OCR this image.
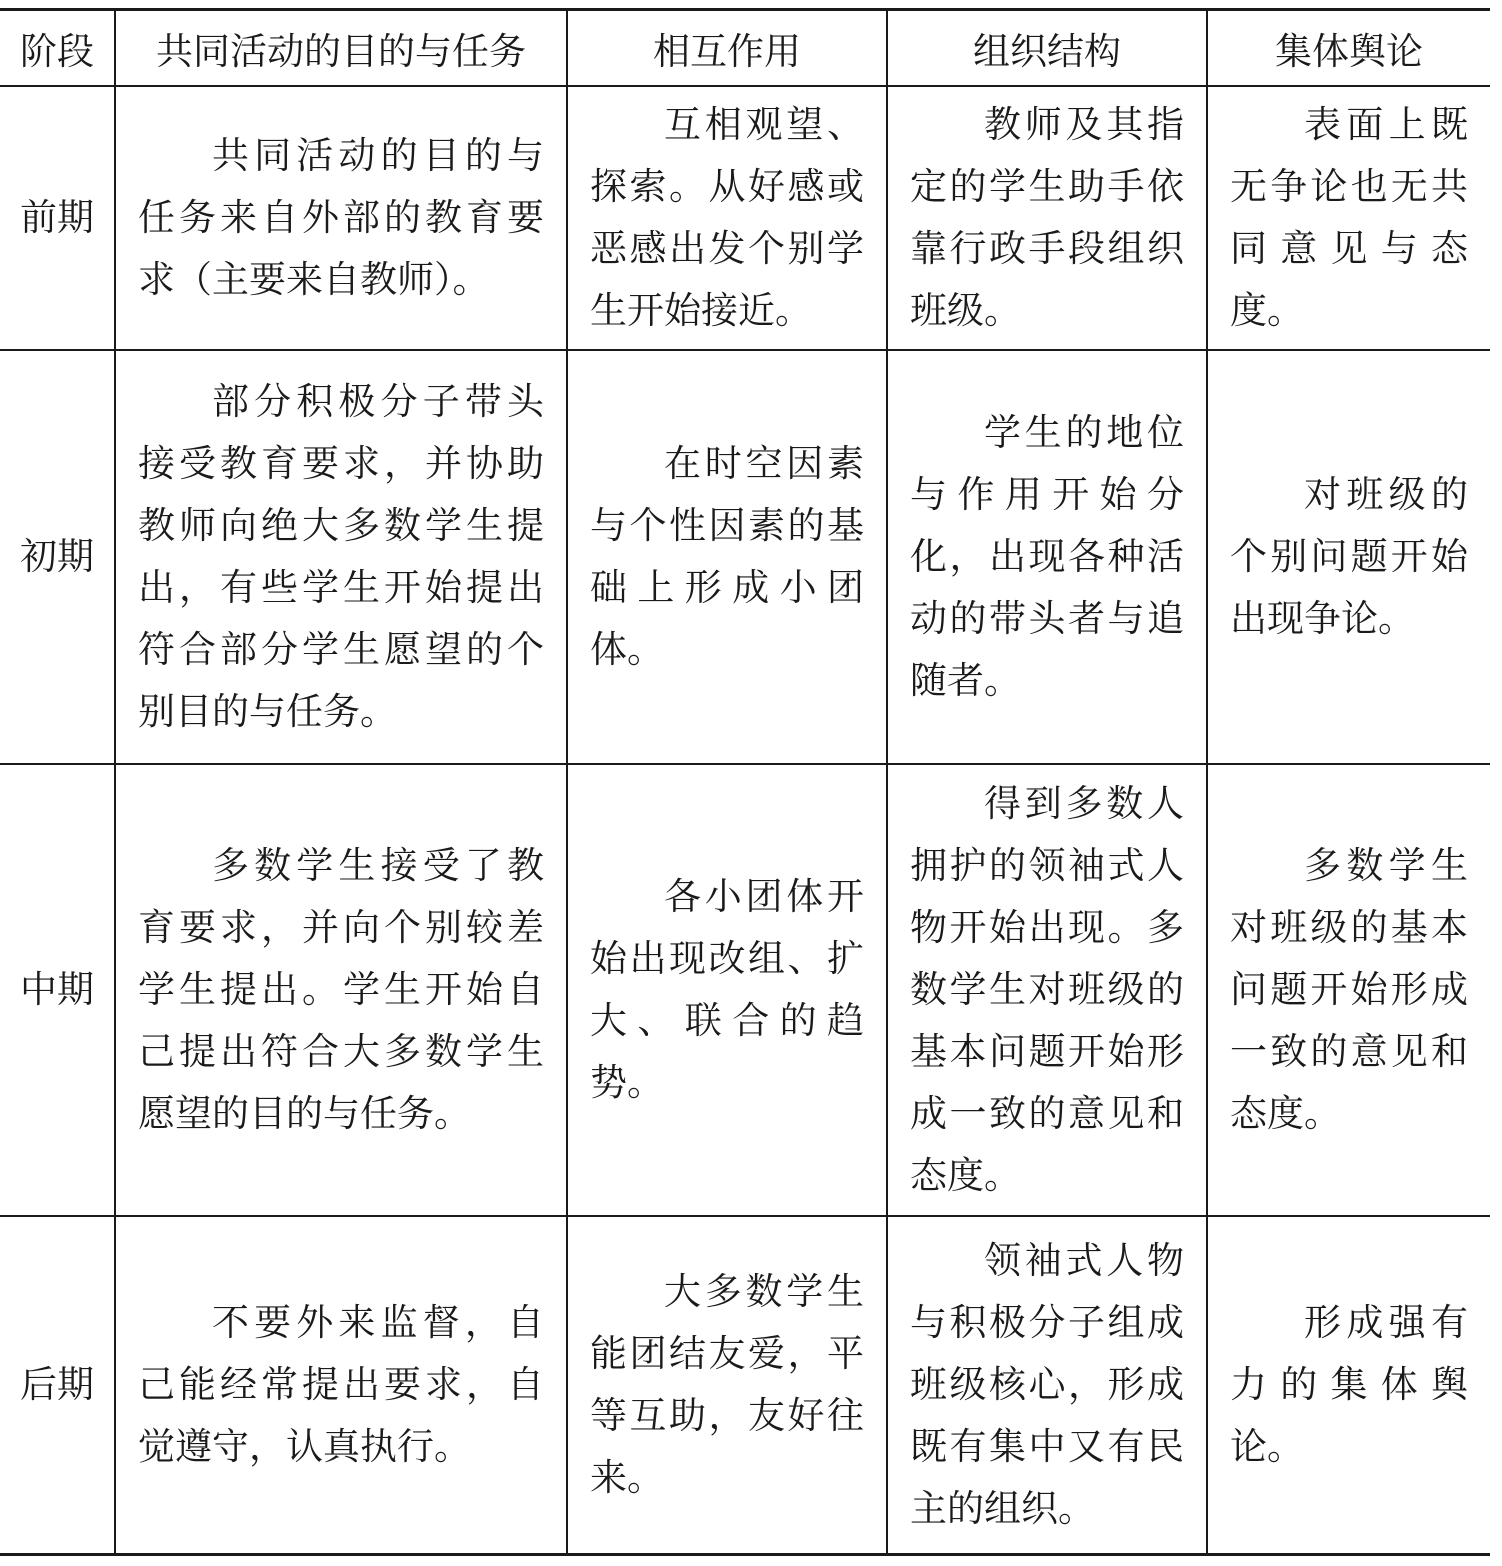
阶段	共同活动的目的与任务	相互作用	组织结构	集体舆论
前期	共同活动的目的与任务来自外部的教育要求（主要来自教师）。	互相观望、探索。从好感或恶感出发个别学生开始接近。	教师及其指定的学生助手依靠行政手段组织班级。	表面上既无争论也无共同意见与态度。
初期	部分积极分子带头接受教育要求，并协助教师向绝大多数学生提出，有些学生开始提出符合部分学生愿望的个别目的与任务。	在时空因素与个性因素的基础上形成小团体。	学生的地位与作用开始分化，出现各种活动的带头者与追随者。	对班级的个别问题开始出现争论。
中期	多数学生接受了教育要求，并向个别较差学生提出。学生开始自己提出符合大多数学生愿望的目的与任务。	各小团体开始出现改组、扩大、联合的趋势。	得到多数人拥护的领袖式人物开始出现。多数学生对班级的基本问题开始形成一致的意见和态度。	多数学生对班级的基本问题开始形成一致的意见和态度。
后期	不要外来监督，自己能经常提出要求，自觉遵守，认真执行。	大多数学生能团结友爱，平等互助，友好往来。	领袖式人物与积极分子组成班级核心，形成既有集中又有民主的组织。	形成强有力的集体舆论。
